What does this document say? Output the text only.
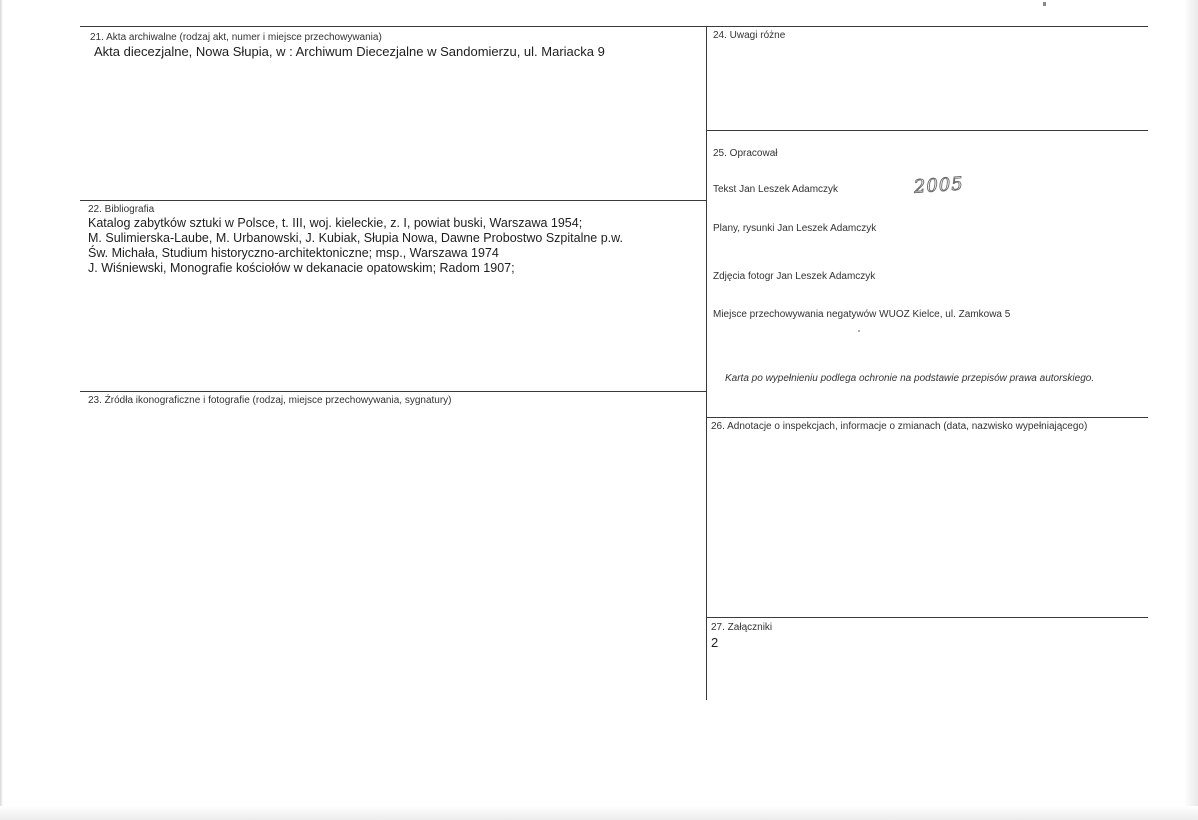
21. Akta archiwalne (rodzaj akt, numer i miejsce przechowywania)
Akta diecezjalne, Nowa Słupia, w : Archiwum Diecezjalne w Sandomierzu, ul. Mariacka 9
22. Bibliografia
Katalog zabytków sztuki w Polsce, t. III, woj. kieleckie, z. I, powiat buski, Warszawa 1954;
M. Sulimierska-Laube, M. Urbanowski, J. Kubiak, Słupia Nowa, Dawne Probostwo Szpitalne p.w.
Św. Michała, Studium historyczno-architektoniczne; msp., Warszawa 1974
J. Wiśniewski, Monografie kościołów w dekanacie opatowskim; Radom 1907;
23. Źródła ikonograficzne i fotografie (rodzaj, miejsce przechowywania, sygnatury)
24. Uwagi różne
25. Opracował
Tekst Jan Leszek Adamczyk	2005
Plany, rysunki Jan Leszek Adamczyk
Zdjęcia fotogr Jan Leszek Adamczyk
Miejsce przechowywania negatywów WUOZ Kielce, ul. Zamkowa 5
Karta po wypełnieniu podlega ochronie na podstawie przepisów prawa autorskiego.
26. Adnotacje o inspekcjach, informacje o zmianach (data, nazwisko wypełniającego)
27. Załączniki
2
